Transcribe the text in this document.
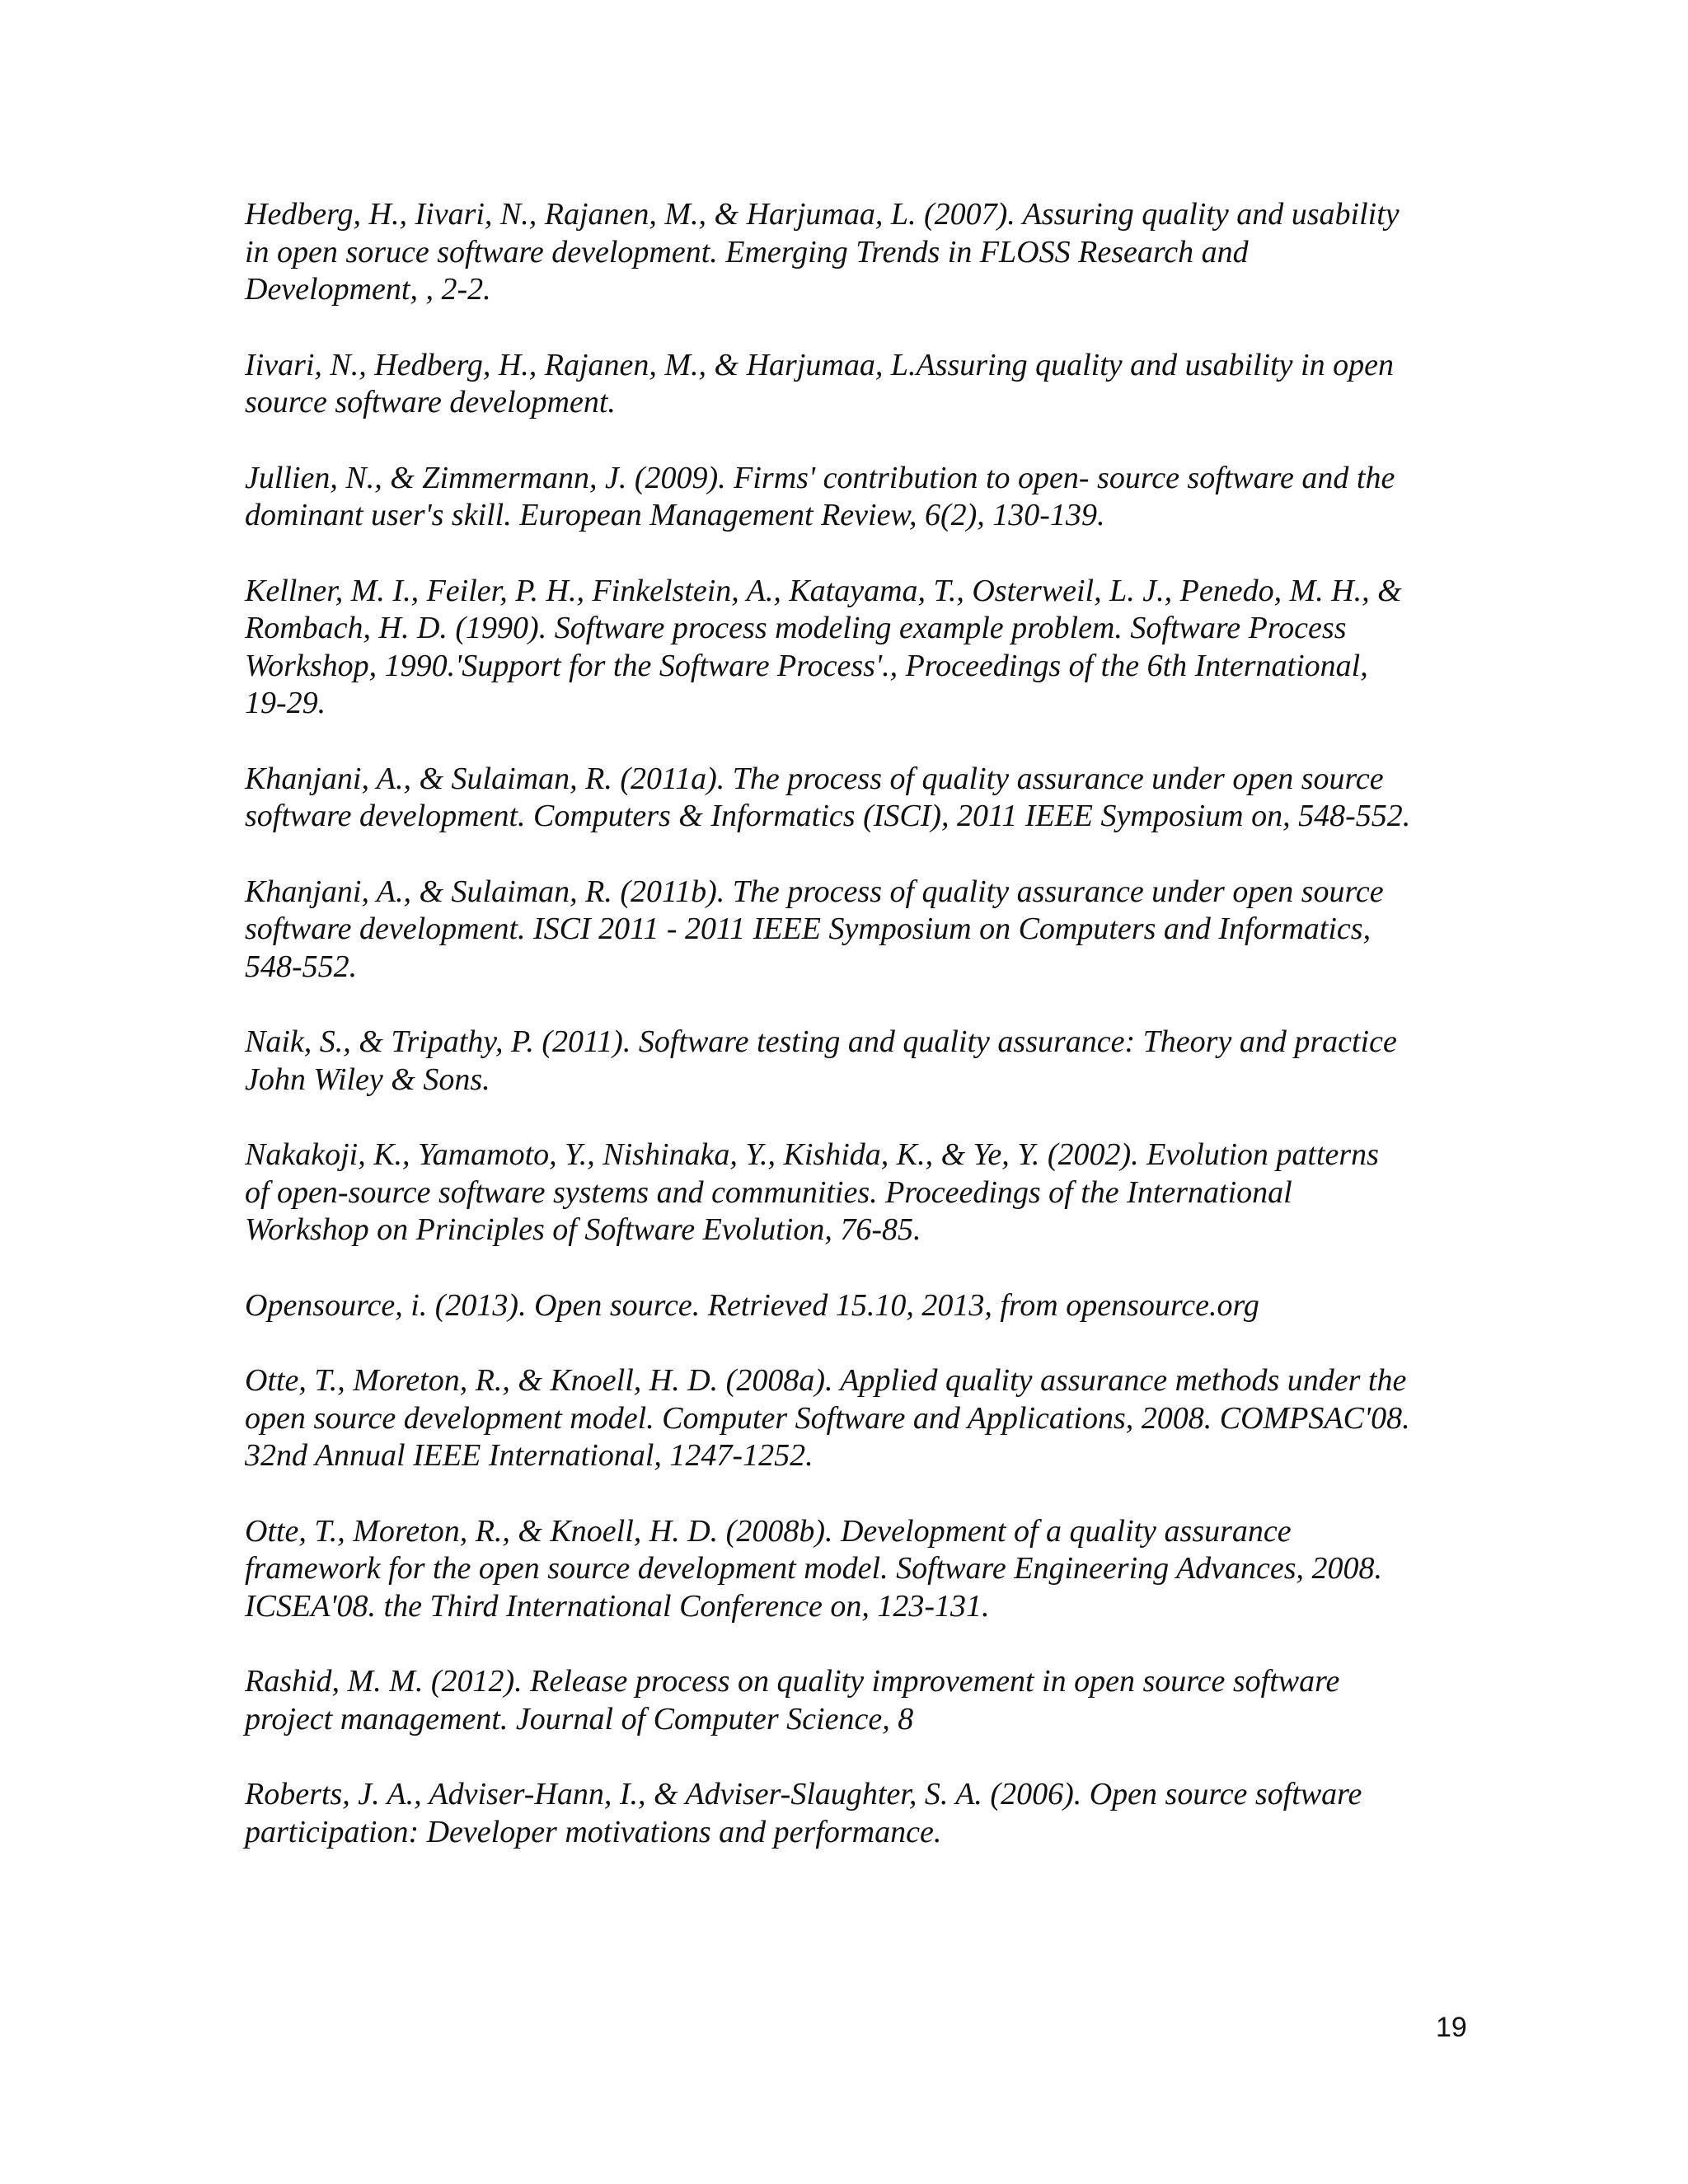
Hedberg, H., Iivari, N., Rajanen, M., & Harjumaa, L. (2007). Assuring quality and usability
in open soruce software development. Emerging Trends in FLOSS Research and
Development, , 2-2.
Iivari, N., Hedberg, H., Rajanen, M., & Harjumaa, L.Assuring quality and usability in open
source software development.
Jullien, N., & Zimmermann, J. (2009). Firms' contribution to open‐ source software and the
dominant user's skill. European Management Review, 6(2), 130-139.
Kellner, M. I., Feiler, P. H., Finkelstein, A., Katayama, T., Osterweil, L. J., Penedo, M. H., &
Rombach, H. D. (1990). Software process modeling example problem. Software Process
Workshop, 1990.'Support for the Software Process'., Proceedings of the 6th International,
19-29.
Khanjani, A., & Sulaiman, R. (2011a). The process of quality assurance under open source
software development. Computers & Informatics (ISCI), 2011 IEEE Symposium on, 548-552.
Khanjani, A., & Sulaiman, R. (2011b). The process of quality assurance under open source
software development. ISCI 2011 - 2011 IEEE Symposium on Computers and Informatics,
548-552.
Naik, S., & Tripathy, P. (2011). Software testing and quality assurance: Theory and practice
John Wiley & Sons.
Nakakoji, K., Yamamoto, Y., Nishinaka, Y., Kishida, K., & Ye, Y. (2002). Evolution patterns
of open-source software systems and communities. Proceedings of the International
Workshop on Principles of Software Evolution, 76-85.
Opensource, i. (2013). Open source. Retrieved 15.10, 2013, from opensource.org
Otte, T., Moreton, R., & Knoell, H. D. (2008a). Applied quality assurance methods under the
open source development model. Computer Software and Applications, 2008. COMPSAC'08.
32nd Annual IEEE International, 1247-1252.
Otte, T., Moreton, R., & Knoell, H. D. (2008b). Development of a quality assurance
framework for the open source development model. Software Engineering Advances, 2008.
ICSEA'08. the Third International Conference on, 123-131.
Rashid, M. M. (2012). Release process on quality improvement in open source software
project management. Journal of Computer Science, 8
Roberts, J. A., Adviser-Hann, I., & Adviser-Slaughter, S. A. (2006). Open source software
participation: Developer motivations and performance.
19
